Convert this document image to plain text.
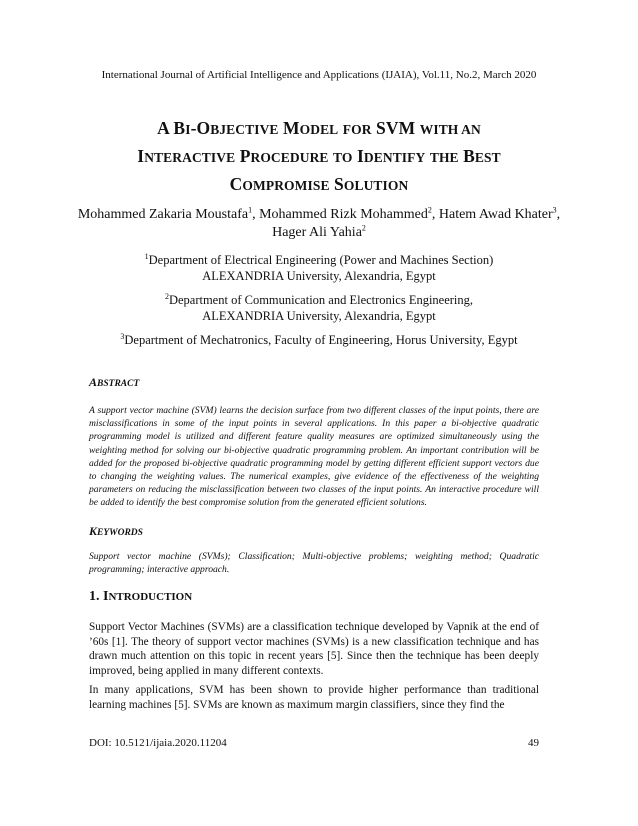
International Journal of Artificial Intelligence and Applications (IJAIA), Vol.11, No.2, March 2020
A BI-OBJECTIVE MODEL FOR SVM WITH AN
INTERACTIVE PROCEDURE TO IDENTIFY THE BEST
COMPROMISE SOLUTION
Mohammed Zakaria Moustafa$^1$, Mohammed Rizk Mohammed$^2$, Hatem Awad Khater$^3$, Hager Ali Yahia$^2$
$^1$Department of Electrical Engineering (Power and Machines Section)
ALEXANDRIA University, Alexandria, Egypt
$^2$Department of Communication and Electronics Engineering,
ALEXANDRIA University, Alexandria, Egypt
$^3$Department of Mechatronics, Faculty of Engineering, Horus University, Egypt
ABSTRACT
A support vector machine (SVM) learns the decision surface from two different classes of the input points, there are misclassifications in some of the input points in several applications. In this paper a bi-objective quadratic programming model is utilized and different feature quality measures are optimized simultaneously using the weighting method for solving our bi-objective quadratic programming problem. An important contribution will be added for the proposed bi-objective quadratic programming model by getting different efficient support vectors due to changing the weighting values. The numerical examples, give evidence of the effectiveness of the weighting parameters on reducing the misclassification between two classes of the input points. An interactive procedure will be added to identify the best compromise solution from the generated efficient solutions.
KEYWORDS
Support vector machine (SVMs); Classification; Multi-objective problems; weighting method; Quadratic programming; interactive approach.
1. INTRODUCTION
Support Vector Machines (SVMs) are a classification technique developed by Vapnik at the end of ’60s [1]. The theory of support vector machines (SVMs) is a new classification technique and has drawn much attention on this topic in recent years [5]. Since then the technique has been deeply improved, being applied in many different contexts.
In many applications, SVM has been shown to provide higher performance than traditional learning machines [5]. SVMs are known as maximum margin classifiers, since they find the
DOI: 10.5121/ijaia.2020.11204	49
